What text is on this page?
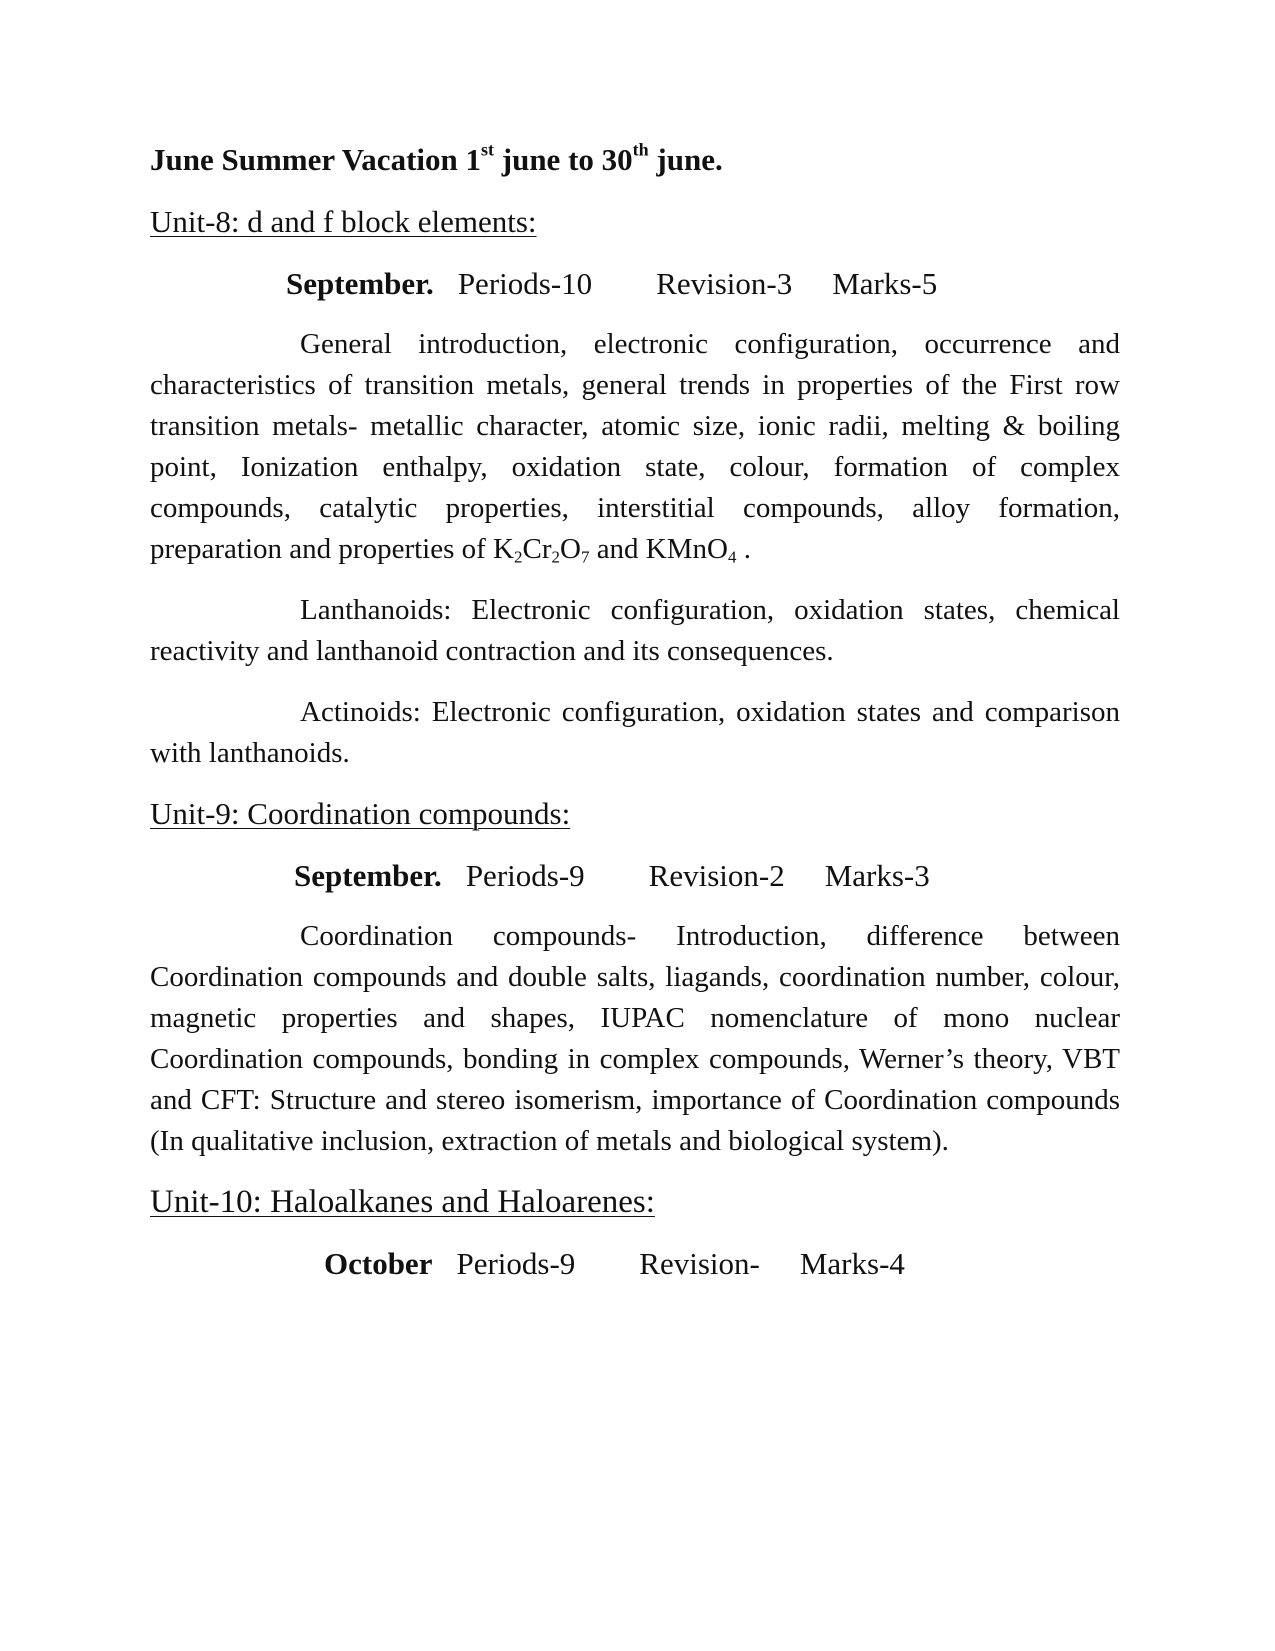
June Summer Vacation 1st june to 30th june.
Unit-8: d and f block elements:
September. Periods-10 Revision-3 Marks-5

General introduction, electronic configuration, occurrence and characteristics of transition metals, general trends in properties of the First row transition metals- metallic character, atomic size, ionic radii, melting & boiling point, Ionization enthalpy, oxidation state, colour, formation of complex compounds, catalytic properties, interstitial compounds, alloy formation, preparation and properties of $K_2Cr_2O_7$ and KMnO$_4$ .

Lanthanoids: Electronic configuration, oxidation states, chemical reactivity and lanthanoid contraction and its consequences.

Actinoids: Electronic configuration, oxidation states and comparison with lanthanoids.

Unit-9: Coordination compounds:
September. Periods-9 Revision-2 Marks-3

Coordination compounds- Introduction, difference between Coordination compounds and double salts, liagands, coordination number, colour, magnetic properties and shapes, IUPAC nomenclature of mono nuclear Coordination compounds, bonding in complex compounds, Werner’s theory, VBT and CFT: Structure and stereo isomerism, importance of Coordination compounds (In qualitative inclusion, extraction of metals and biological system).

Unit-10: Haloalkanes and Haloarenes:
October Periods-9 Revision- Marks-4
